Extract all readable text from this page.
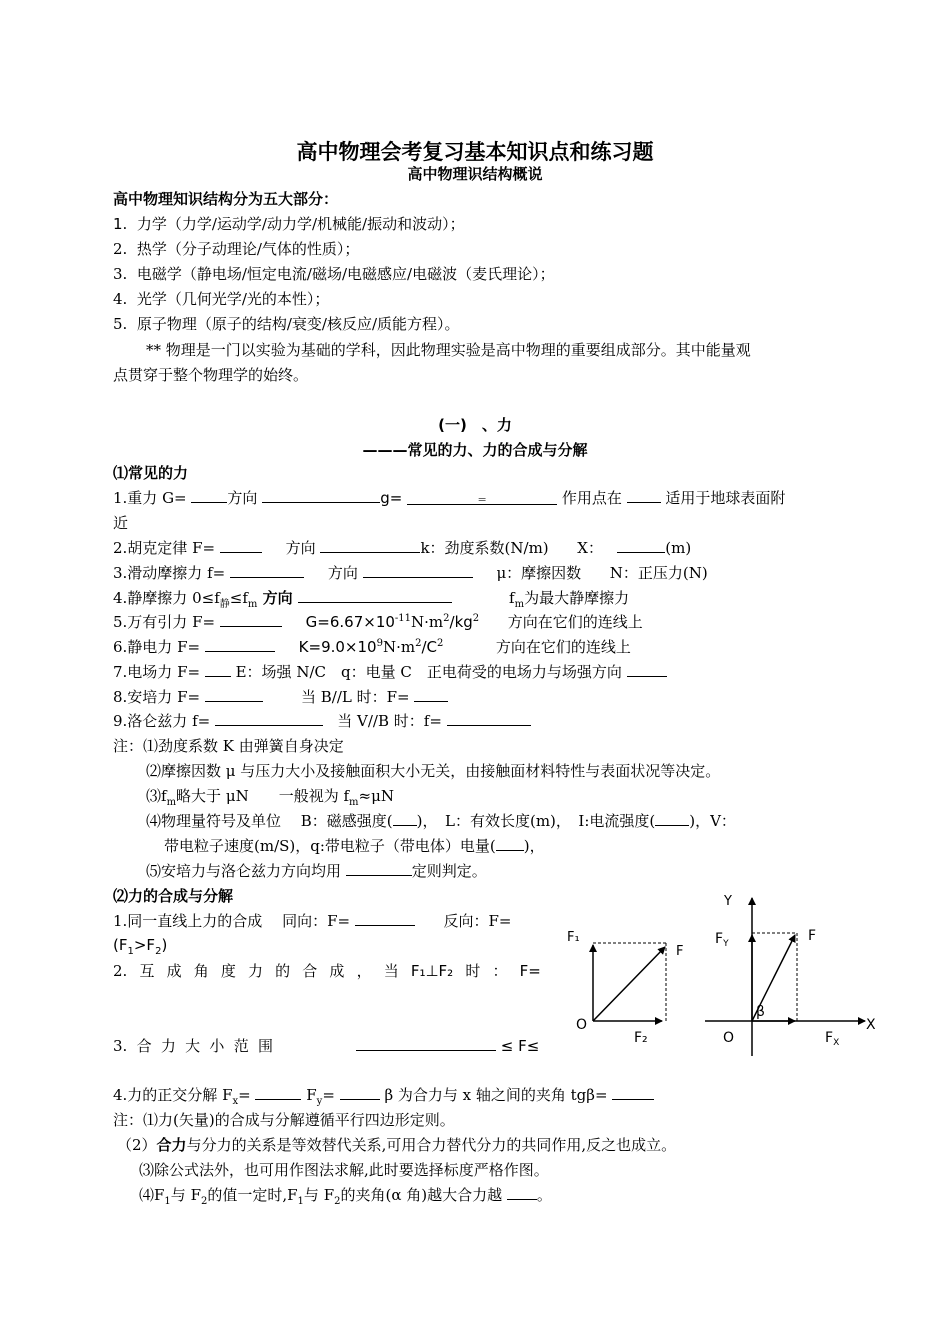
高中物理会考复习基本知识点和练习题
高中物理识结构概说
高中物理知识结构分为五大部分：
1. 力学（力学/运动学/动力学/机械能/振动和波动）；
2. 热学（分子动理论/气体的性质）；
3. 电磁学（静电场/恒定电流/磁场/电磁感应/电磁波（麦氏理论）；
4. 光学（几何光学/光的本性）；
5. 原子物理（原子的结构/衰变/核反应/质能方程）。
** 物理是一门以实验为基础的学科，因此物理实验是高中物理的重要组成部分。其中能量观
点贯穿于整个物理学的始终。
(一)　、力
———常见的力、力的合成与分解
⑴常见的力
1.重力 G= 方向	g=	=	作用点在  适用于地球表面附
近
2.胡克定律 F=	方向	k：劲度系数(N/m) X：	(m)
3.滑动摩擦力 f=	方向	μ：摩擦因数 N：正压力(N)
4.静摩擦力 $0\le f_静\le f_m$ 方向	$f_m$为最大静摩擦力
5.万有引力 F=	$G=6.67\times 10^{-11}N\cdot m^2/kg^2$ 方向在它们的连线上
6.静电力 F=	$K=9.0\times 10^9N\cdot m^2/C^2$	方向在它们的连线上
7.电场力 F=  E：场强 N/C　q：电量 C　正电荷受的电场力与场强方向
8.安培力 F=	当 B//L 时：F=
9.洛仑兹力 f=	当 V//B 时：f=
注：⑴劲度系数 K 由弹簧自身决定
⑵摩擦因数 μ 与压力大小及接触面积大小无关，由接触面材料特性与表面状况等决定。
$⑶f_m$略大于 μN　　一般视为 $f_m\approx\mu N$
⑷物理量符号及单位　 B：磁感强度( )，　L：有效长度(m)，　I:电流强度( )，V：
带电粒子速度(m/S)，q:带电粒子（带电体）电量( )，
⑸安培力与洛仑兹力方向均用	定则判定。
⑵力的合成与分解
1.同一直线上力的合成　 同向：F=	反向：F=
$(F_1>F_2)$
2. 互 成 角 度 力 的 合 成 ， 当 F₁⊥F₂ 时 ： F=
3. 合 力 大 小 范 围	≤ F≤
4.力的正交分解 $F_x=$	$F_y=$	β 为合力与 x 轴之间的夹角 tgβ=
注：⑴力(矢量)的合成与分解遵循平行四边形定则。
（2）合力与分力的关系是等效替代关系,可用合力替代分力的共同作用,反之也成立。
⑶除公式法外，也可用作图法求解,此时要选择标度严格作图。
$⑷F_1$与 $F_2$的值一定时$,F_1$与 $F_2$的夹角(α 角)越大合力越 。
F₁
F
O
F₂
Y
$F_Y$	F
β
O
X
$F_X$
